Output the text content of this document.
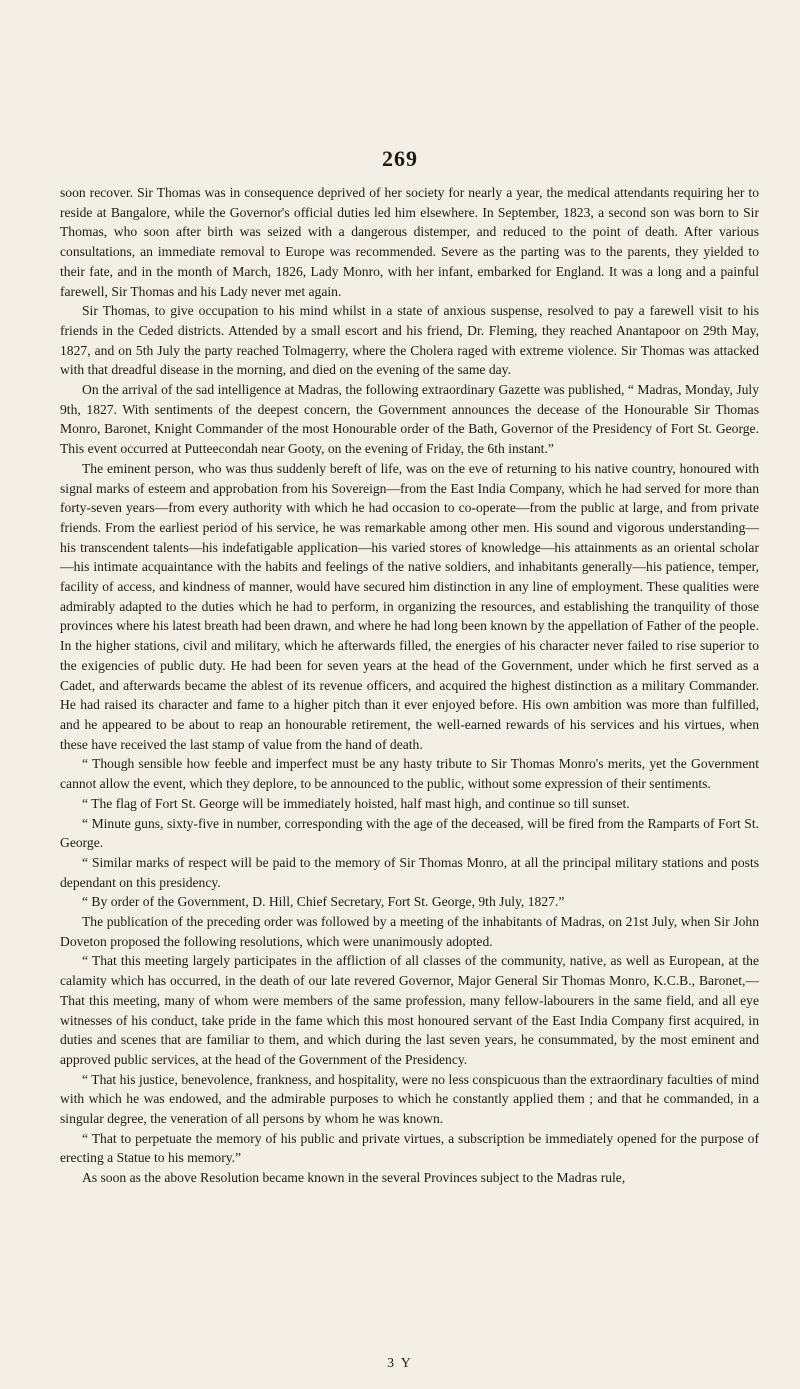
269

soon recover. Sir Thomas was in consequence deprived of her society for nearly a year, the medical attendants requiring her to reside at Bangalore, while the Governor's official duties led him elsewhere. In September, 1823, a second son was born to Sir Thomas, who soon after birth was seized with a dangerous distemper, and reduced to the point of death. After various consultations, an immediate removal to Europe was recommended. Severe as the parting was to the parents, they yielded to their fate, and in the month of March, 1826, Lady Monro, with her infant, embarked for England. It was a long and a painful farewell, Sir Thomas and his Lady never met again.

Sir Thomas, to give occupation to his mind whilst in a state of anxious suspense, resolved to pay a farewell visit to his friends in the Ceded districts. Attended by a small escort and his friend, Dr. Fleming, they reached Anantapoor on 29th May, 1827, and on 5th July the party reached Tolmagerry, where the Cholera raged with extreme violence. Sir Thomas was attacked with that dreadful disease in the morning, and died on the evening of the same day.

On the arrival of the sad intelligence at Madras, the following extraordinary Gazette was published, “ Madras, Monday, July 9th, 1827. With sentiments of the deepest concern, the Government announces the decease of the Honourable Sir Thomas Monro, Baronet, Knight Commander of the most Honourable order of the Bath, Governor of the Presidency of Fort St. George. This event occurred at Putteecondah near Gooty, on the evening of Friday, the 6th instant.”

The eminent person, who was thus suddenly bereft of life, was on the eve of returning to his native country, honoured with signal marks of esteem and approbation from his Sovereign—from the East India Company, which he had served for more than forty-seven years—from every authority with which he had occasion to co-operate—from the public at large, and from private friends. From the earliest period of his service, he was remarkable among other men. His sound and vigorous understanding—his transcendent talents—his indefatigable application—his varied stores of knowledge—his attainments as an oriental scholar—his intimate acquaintance with the habits and feelings of the native soldiers, and inhabitants generally—his patience, temper, facility of access, and kindness of manner, would have secured him distinction in any line of employment. These qualities were admirably adapted to the duties which he had to perform, in organizing the resources, and establishing the tranquility of those provinces where his latest breath had been drawn, and where he had long been known by the appellation of Father of the people. In the higher stations, civil and military, which he afterwards filled, the energies of his character never failed to rise superior to the exigencies of public duty. He had been for seven years at the head of the Government, under which he first served as a Cadet, and afterwards became the ablest of its revenue officers, and acquired the highest distinction as a military Commander. He had raised its character and fame to a higher pitch than it ever enjoyed before. His own ambition was more than fulfilled, and he appeared to be about to reap an honourable retirement, the well-earned rewards of his services and his virtues, when these have received the last stamp of value from the hand of death.

“ Though sensible how feeble and imperfect must be any hasty tribute to Sir Thomas Monro's merits, yet the Government cannot allow the event, which they deplore, to be announced to the public, without some expression of their sentiments.

“ The flag of Fort St. George will be immediately hoisted, half mast high, and continue so till sunset.

“ Minute guns, sixty-five in number, corresponding with the age of the deceased, will be fired from the Ramparts of Fort St. George.

“ Similar marks of respect will be paid to the memory of Sir Thomas Monro, at all the principal military stations and posts dependant on this presidency.

“ By order of the Government, D. Hill, Chief Secretary, Fort St. George, 9th July, 1827.”

The publication of the preceding order was followed by a meeting of the inhabitants of Madras, on 21st July, when Sir John Doveton proposed the following resolutions, which were unanimously adopted.

“ That this meeting largely participates in the affliction of all classes of the community, native, as well as European, at the calamity which has occurred, in the death of our late revered Governor, Major General Sir Thomas Monro, K.C.B., Baronet,—That this meeting, many of whom were members of the same profession, many fellow-labourers in the same field, and all eye witnesses of his conduct, take pride in the fame which this most honoured servant of the East India Company first acquired, in duties and scenes that are familiar to them, and which during the last seven years, he consummated, by the most eminent and approved public services, at the head of the Government of the Presidency.

“ That his justice, benevolence, frankness, and hospitality, were no less conspicuous than the extraordinary faculties of mind with which he was endowed, and the admirable purposes to which he constantly applied them ; and that he commanded, in a singular degree, the veneration of all persons by whom he was known.

“ That to perpetuate the memory of his public and private virtues, a subscription be immediately opened for the purpose of erecting a Statue to his memory.”

As soon as the above Resolution became known in the several Provinces subject to the Madras rule,

3 Y
